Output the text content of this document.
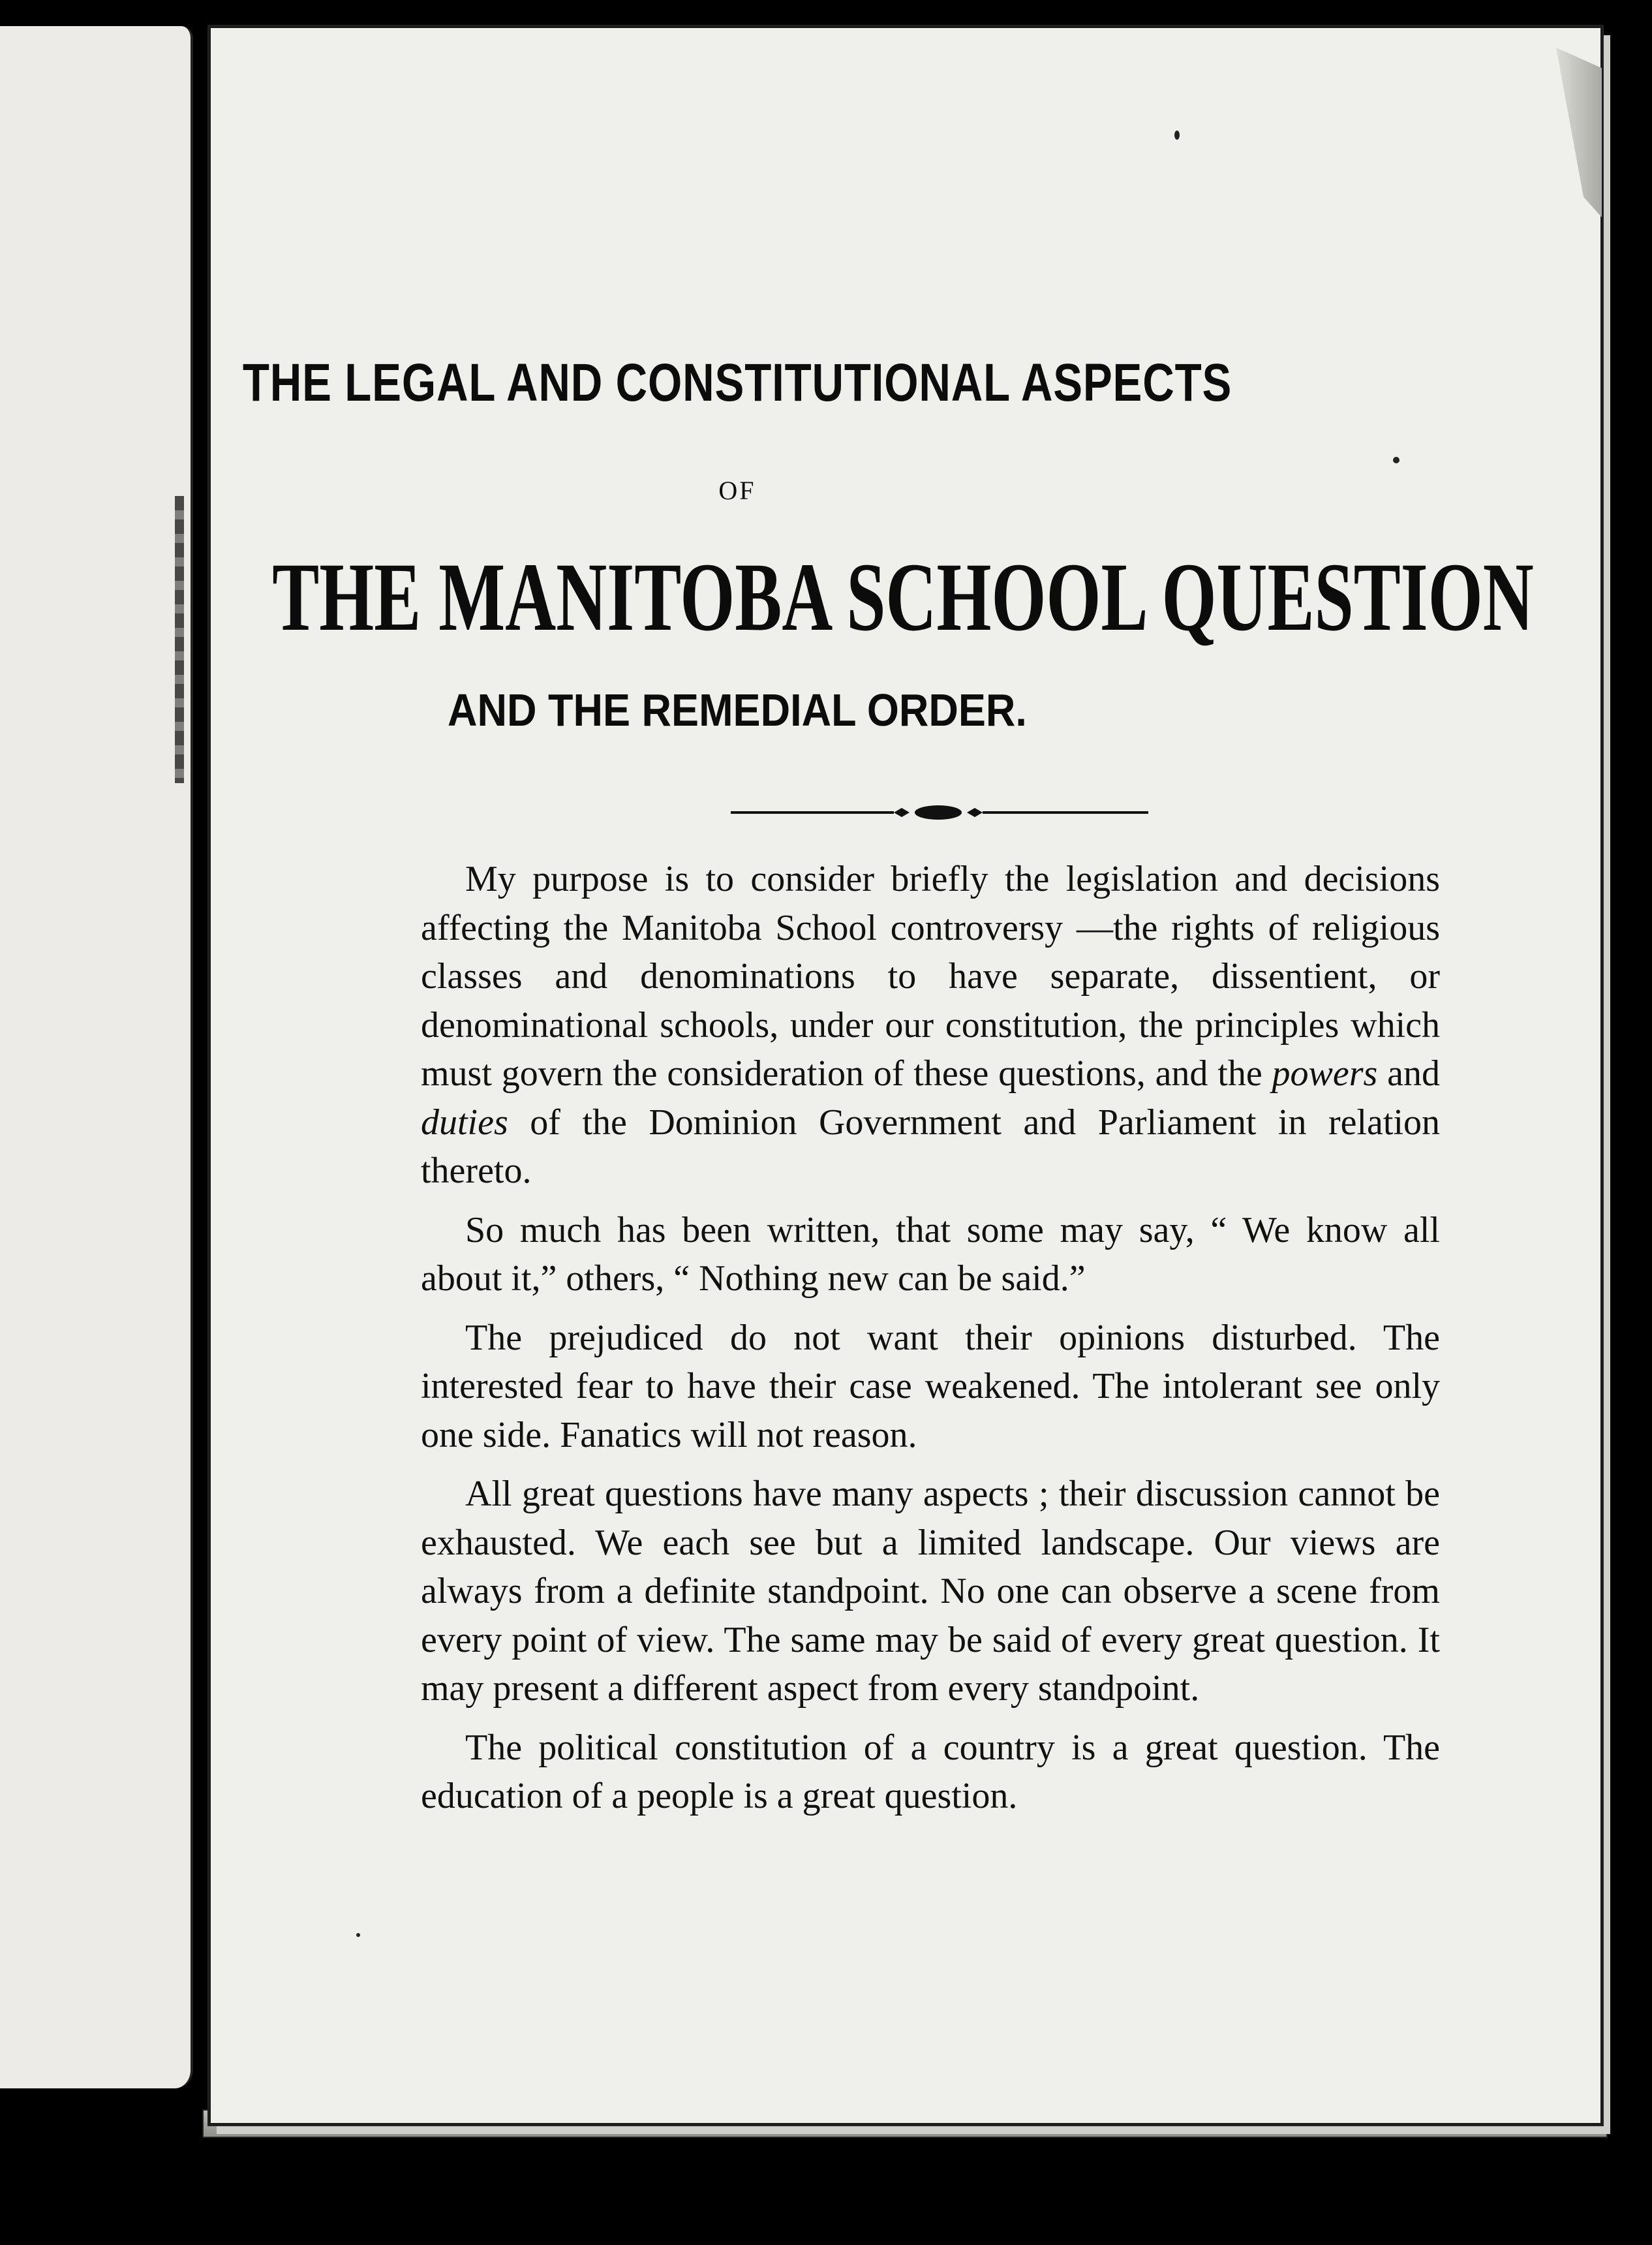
THE LEGAL AND CONSTITUTIONAL ASPECTS
OF
THE MANITOBA SCHOOL QUESTION
AND THE REMEDIAL ORDER.

My purpose is to consider briefly the legislation and decisions affecting the Manitoba School controversy —the rights of religious classes and denominations to have separate, dissentient, or denominational schools, under our constitution, the principles which must govern the consideration of these questions, and the powers and duties of the Dominion Government and Parliament in relation thereto.

So much has been written, that some may say, “ We know all about it,” others, “ Nothing new can be said.”

The prejudiced do not want their opinions disturbed. The interested fear to have their case weakened. The intolerant see only one side. Fanatics will not reason.

All great questions have many aspects ; their discussion cannot be exhausted. We each see but a limited landscape. Our views are always from a definite standpoint. No one can observe a scene from every point of view. The same may be said of every great question. It may present a different aspect from every standpoint.

The political constitution of a country is a great question. The education of a people is a great question.
